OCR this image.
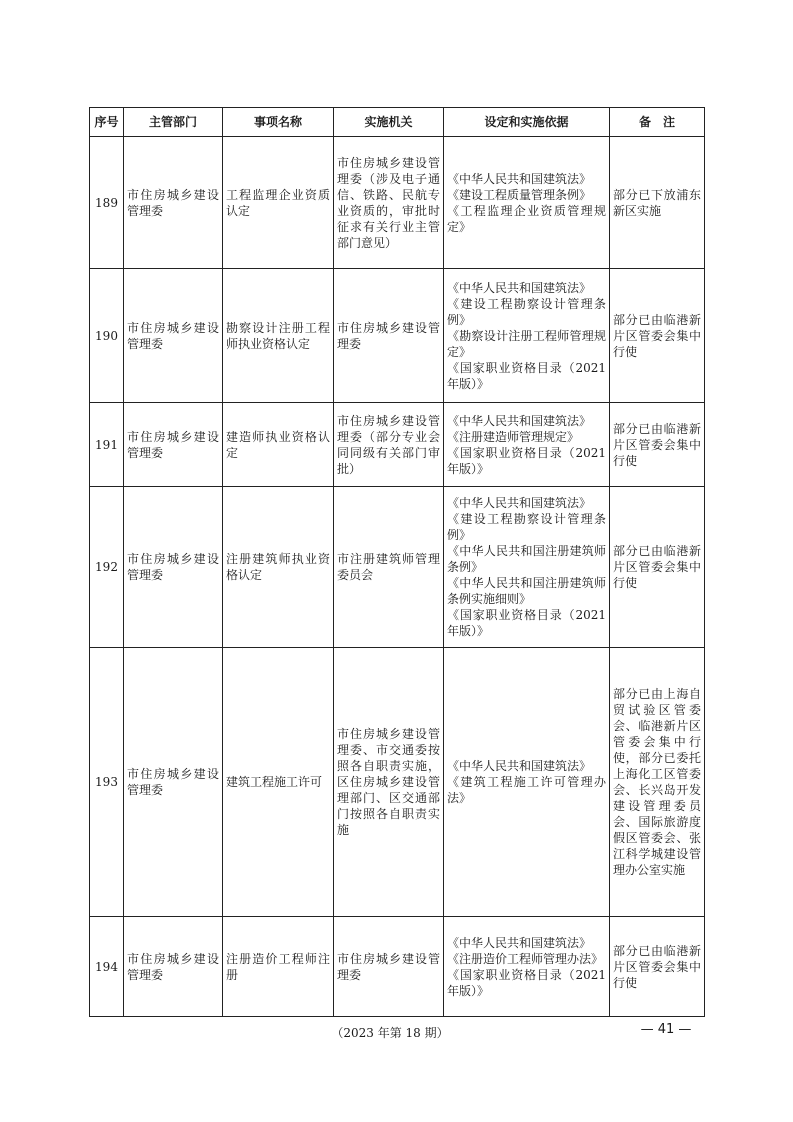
序号	主管部门	事项名称	实施机关	设定和实施依据	备　注
189	市住房城乡建设管理委	工程监理企业资质认定	市住房城乡建设管理委（涉及电子通信、铁路、民航专业资质的，审批时征求有关行业主管部门意见）	《中华人民共和国建筑法》
《建设工程质量管理条例》
《工程监理企业资质管理规定》	部分已下放浦东新区实施
190	市住房城乡建设管理委	勘察设计注册工程师执业资格认定	市住房城乡建设管理委	《中华人民共和国建筑法》
《建设工程勘察设计管理条例》
《勘察设计注册工程师管理规定》
《国家职业资格目录（2021年版）》	部分已由临港新片区管委会集中行使
191	市住房城乡建设管理委	建造师执业资格认定	市住房城乡建设管理委（部分专业会同同级有关部门审批）	《中华人民共和国建筑法》
《注册建造师管理规定》
《国家职业资格目录（2021年版）》	部分已由临港新片区管委会集中行使
192	市住房城乡建设管理委	注册建筑师执业资格认定	市注册建筑师管理委员会	《中华人民共和国建筑法》
《建设工程勘察设计管理条例》
《中华人民共和国注册建筑师条例》
《中华人民共和国注册建筑师条例实施细则》
《国家职业资格目录（2021年版）》	部分已由临港新片区管委会集中行使
193	市住房城乡建设管理委	建筑工程施工许可	市住房城乡建设管理委、市交通委按照各自职责实施，区住房城乡建设管理部门、区交通部门按照各自职责实施	《中华人民共和国建筑法》
《建筑工程施工许可管理办法》	部分已由上海自贸试验区管委会、临港新片区管委会集中行使，部分已委托上海化工区管委会、长兴岛开发建设管理委员会、国际旅游度假区管委会、张江科学城建设管理办公室实施
194	市住房城乡建设管理委	注册造价工程师注册	市住房城乡建设管理委	《中华人民共和国建筑法》
《注册造价工程师管理办法》
《国家职业资格目录（2021年版）》	部分已由临港新片区管委会集中行使
（2023 年第 18 期）	— 41 —
